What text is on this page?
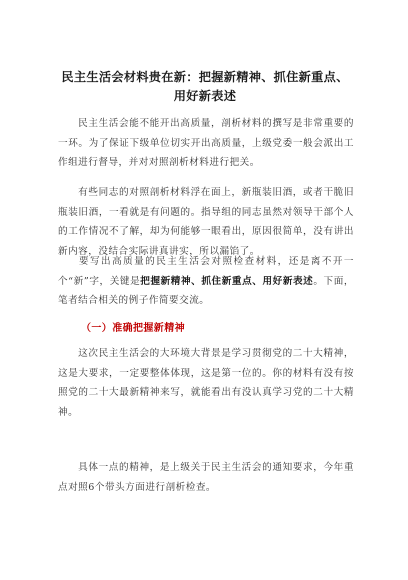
民主生活会材料贵在新：把握新精神、抓住新重点、用好新表述

民主生活会能不能开出高质量，剖析材料的撰写是非常重要的一环。为了保证下级单位切实开出高质量，上级党委一般会派出工作组进行督导，并对对照剖析材料进行把关。

有些同志的对照剖析材料浮在面上，新瓶装旧酒，或者干脆旧瓶装旧酒，一看就是有问题的。指导组的同志虽然对领导干部个人的工作情况不了解，却为何能够一眼看出，原因很简单，没有讲出新内容，没结合实际讲真讲实，所以漏馅了。

要写出高质量的民主生活会对照检查材料，还是离不开一个“新”字，关键是把握新精神、抓住新重点、用好新表述。下面，笔者结合相关的例子作简要交流。

（一）准确把握新精神

这次民主生活会的大环境大背景是学习贯彻党的二十大精神，这是大要求，一定要整体体现，这是第一位的。你的材料有没有按照党的二十大最新精神来写，就能看出有没认真学习党的二十大精神。

具体一点的精神，是上级关于民主生活会的通知要求，今年重点对照6个带头方面进行剖析检查。
